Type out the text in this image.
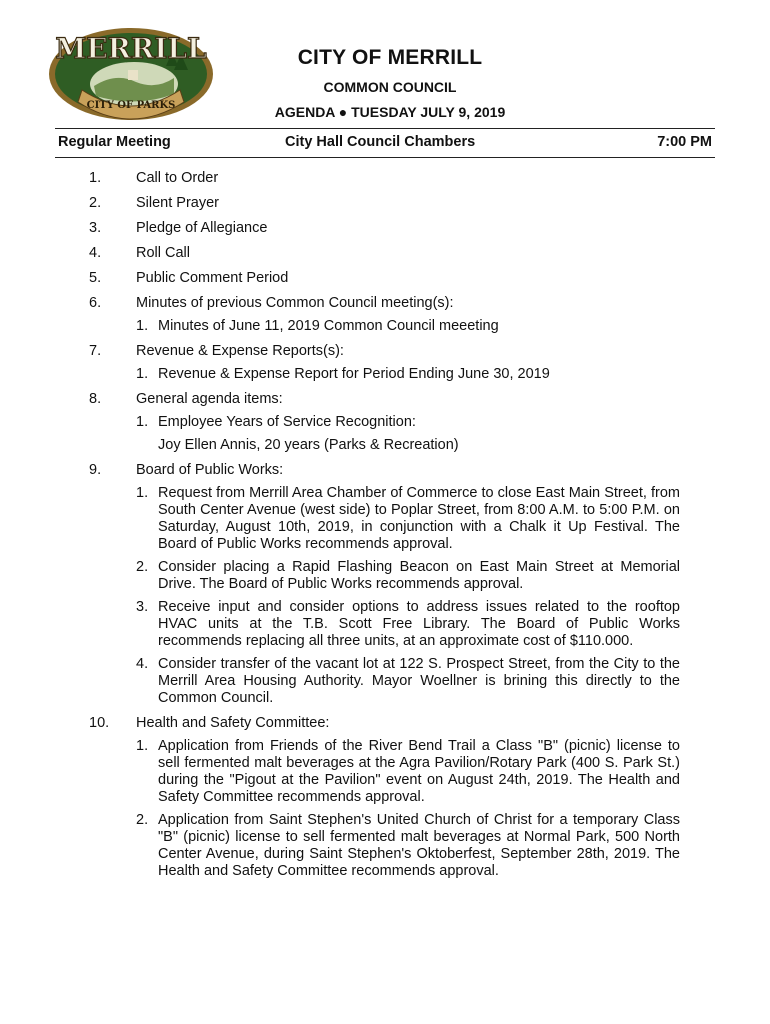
MERRILL
CITY OF PARKS
CITY OF MERRILL
COMMON COUNCIL
AGENDA ● TUESDAY JULY 9, 2019
Regular Meeting	City Hall Council Chambers	7:00 PM
1.	Call to Order
2.	Silent Prayer
3.	Pledge of Allegiance
4.	Roll Call
5.	Public Comment Period
6.	Minutes of previous Common Council meeting(s):
1. Minutes of June 11, 2019 Common Council meeeting
7.	Revenue & Expense Reports(s):
1. Revenue & Expense Report for Period Ending June 30, 2019
8.	General agenda items:
1. Employee Years of Service Recognition:
Joy Ellen Annis, 20 years (Parks & Recreation)
9.	Board of Public Works:
1. Request from Merrill Area Chamber of Commerce to close East Main Street, from South Center Avenue (west side) to Poplar Street, from 8:00 A.M. to 5:00 P.M. on Saturday, August 10th, 2019, in conjunction with a Chalk it Up Festival. The Board of Public Works recommends approval.
2. Consider placing a Rapid Flashing Beacon on East Main Street at Memorial Drive. The Board of Public Works recommends approval.
3. Receive input and consider options to address issues related to the rooftop HVAC units at the T.B. Scott Free Library. The Board of Public Works recommends replacing all three units, at an approximate cost of $110.000.
4. Consider transfer of the vacant lot at 122 S. Prospect Street, from the City to the Merrill Area Housing Authority. Mayor Woellner is brining this directly to the Common Council.
10.	Health and Safety Committee:
1. Application from Friends of the River Bend Trail a Class "B" (picnic) license to sell fermented malt beverages at the Agra Pavilion/Rotary Park (400 S. Park St.) during the "Pigout at the Pavilion" event on August 24th, 2019. The Health and Safety Committee recommends approval.
2. Application from Saint Stephen's United Church of Christ for a temporary Class "B" (picnic) license to sell fermented malt beverages at Normal Park, 500 North Center Avenue, during Saint Stephen's Oktoberfest, September 28th, 2019. The Health and Safety Committee recommends approval.
